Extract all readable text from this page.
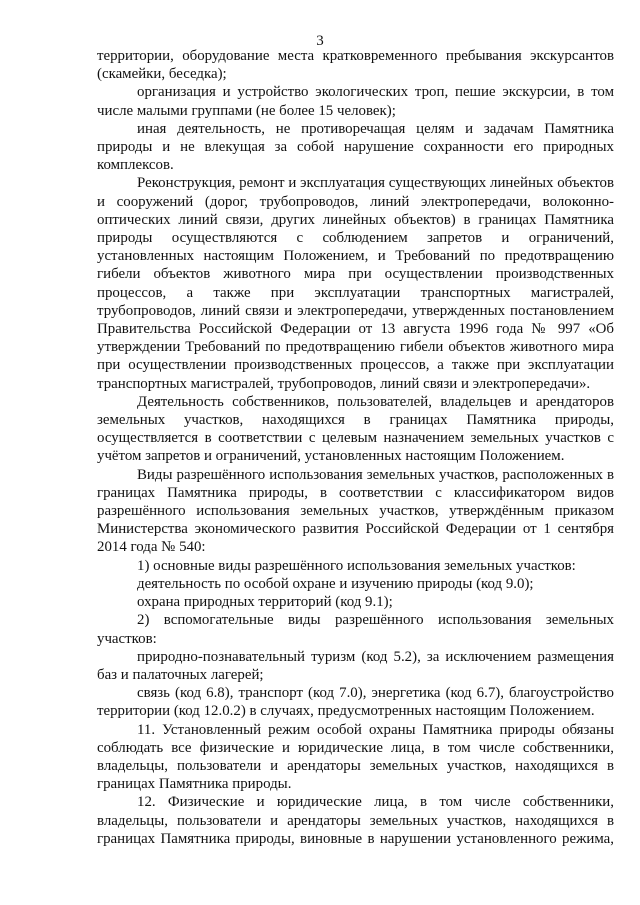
3

территории, оборудование места кратковременного пребывания экскурсантов (скамейки, беседка);

организация и устройство экологических троп, пешие экскурсии, в том числе малыми группами (не более 15 человек);

иная деятельность, не противоречащая целям и задачам Памятника природы и не влекущая за собой нарушение сохранности его природных комплексов.

Реконструкция, ремонт и эксплуатация существующих линейных объектов и сооружений (дорог, трубопроводов, линий электропередачи, волоконно-оптических линий связи, других линейных объектов) в границах Памятника природы осуществляются с соблюдением запретов и ограничений, установленных настоящим Положением, и Требований по предотвращению гибели объектов животного мира при осуществлении производственных процессов, а также при эксплуатации транспортных магистралей, трубопроводов, линий связи и электропередачи, утвержденных постановлением Правительства Российской Федерации от 13 августа 1996 года № 997 «Об утверждении Требований по предотвращению гибели объектов животного мира при осуществлении производственных процессов, а также при эксплуатации транспортных магистралей, трубопроводов, линий связи и электропередачи».

Деятельность собственников, пользователей, владельцев и арендаторов земельных участков, находящихся в границах Памятника природы, осуществляется в соответствии с целевым назначением земельных участков с учётом запретов и ограничений, установленных настоящим Положением.

Виды разрешённого использования земельных участков, расположенных в границах Памятника природы, в соответствии с классификатором видов разрешённого использования земельных участков, утверждённым приказом Министерства экономического развития Российской Федерации от 1 сентября 2014 года № 540:

1) основные виды разрешённого использования земельных участков:

деятельность по особой охране и изучению природы (код 9.0);

охрана природных территорий (код 9.1);

2) вспомогательные виды разрешённого использования земельных участков:

природно-познавательный туризм (код 5.2), за исключением размещения баз и палаточных лагерей;

связь (код 6.8), транспорт (код 7.0), энергетика (код 6.7), благоустройство территории (код 12.0.2) в случаях, предусмотренных настоящим Положением.

11. Установленный режим особой охраны Памятника природы обязаны соблюдать все физические и юридические лица, в том числе собственники, владельцы, пользователи и арендаторы земельных участков, находящихся в границах Памятника природы.

12. Физические и юридические лица, в том числе собственники, владельцы, пользователи и арендаторы земельных участков, находящихся в границах Памятника природы, виновные в нарушении установленного режима,
